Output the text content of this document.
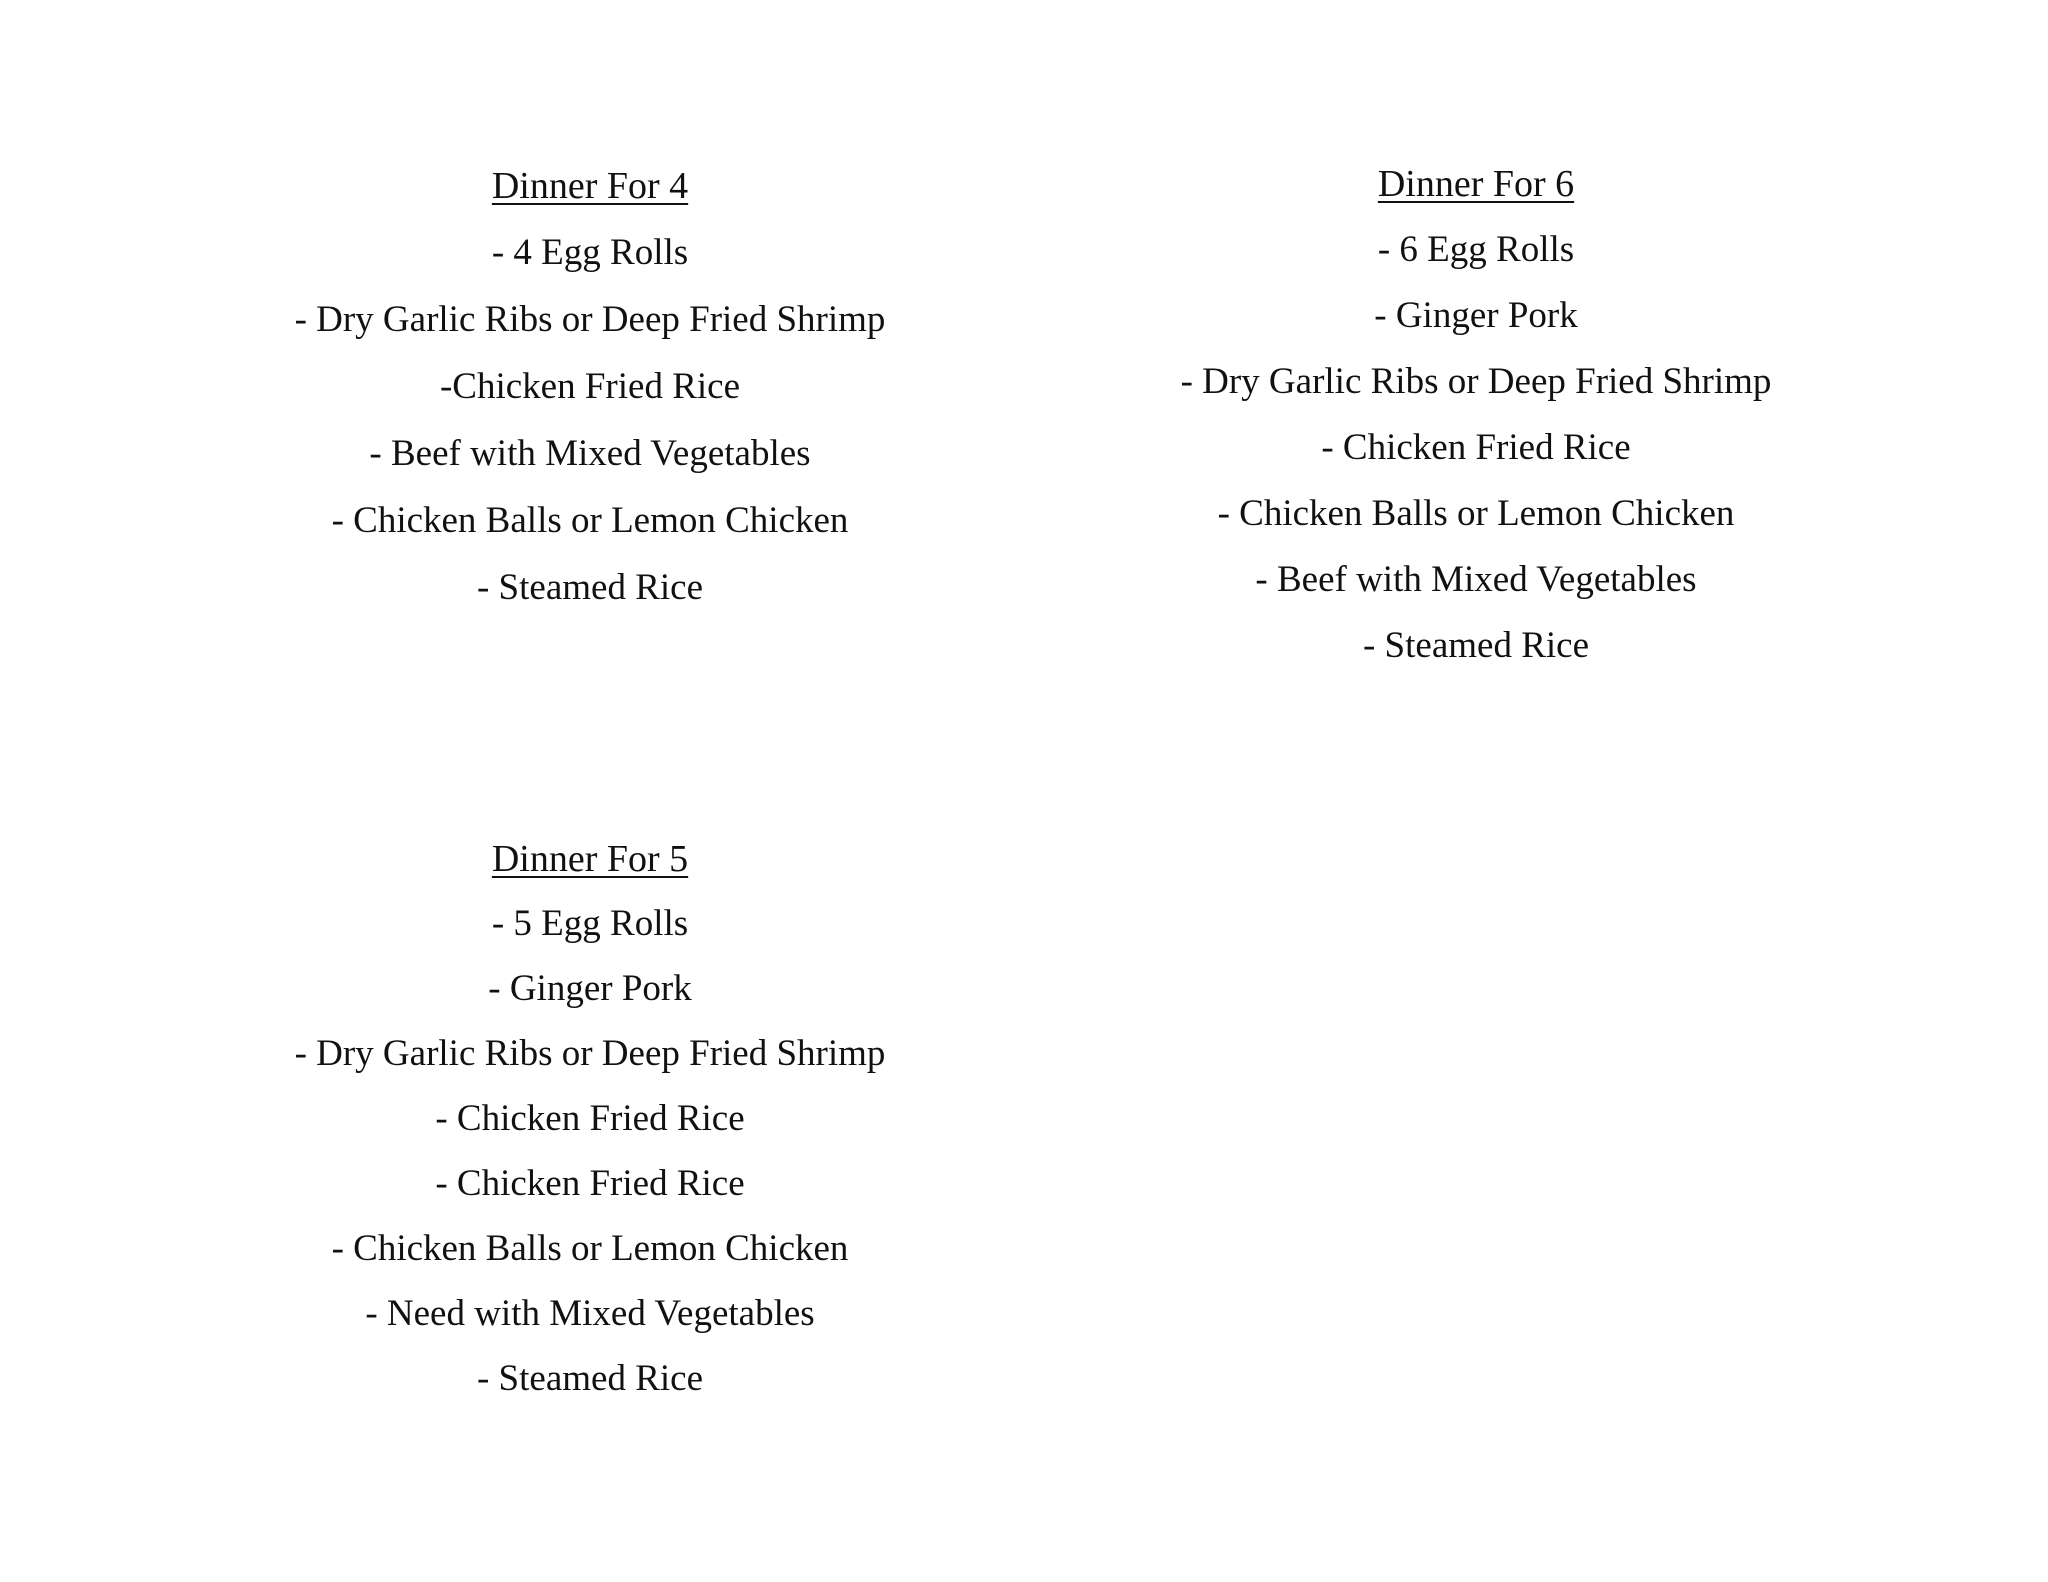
Dinner For 4
- 4 Egg Rolls
- Dry Garlic Ribs or Deep Fried Shrimp
-Chicken Fried Rice
- Beef with Mixed Vegetables
- Chicken Balls or Lemon Chicken
- Steamed Rice
Dinner For 6
- 6 Egg Rolls
- Ginger Pork
- Dry Garlic Ribs or Deep Fried Shrimp
- Chicken Fried Rice
- Chicken Balls or Lemon Chicken
- Beef with Mixed Vegetables
- Steamed Rice
Dinner For 5
- 5 Egg Rolls
- Ginger Pork
- Dry Garlic Ribs or Deep Fried Shrimp
- Chicken Fried Rice
- Chicken Fried Rice
- Chicken Balls or Lemon Chicken
- Need with Mixed Vegetables
- Steamed Rice
